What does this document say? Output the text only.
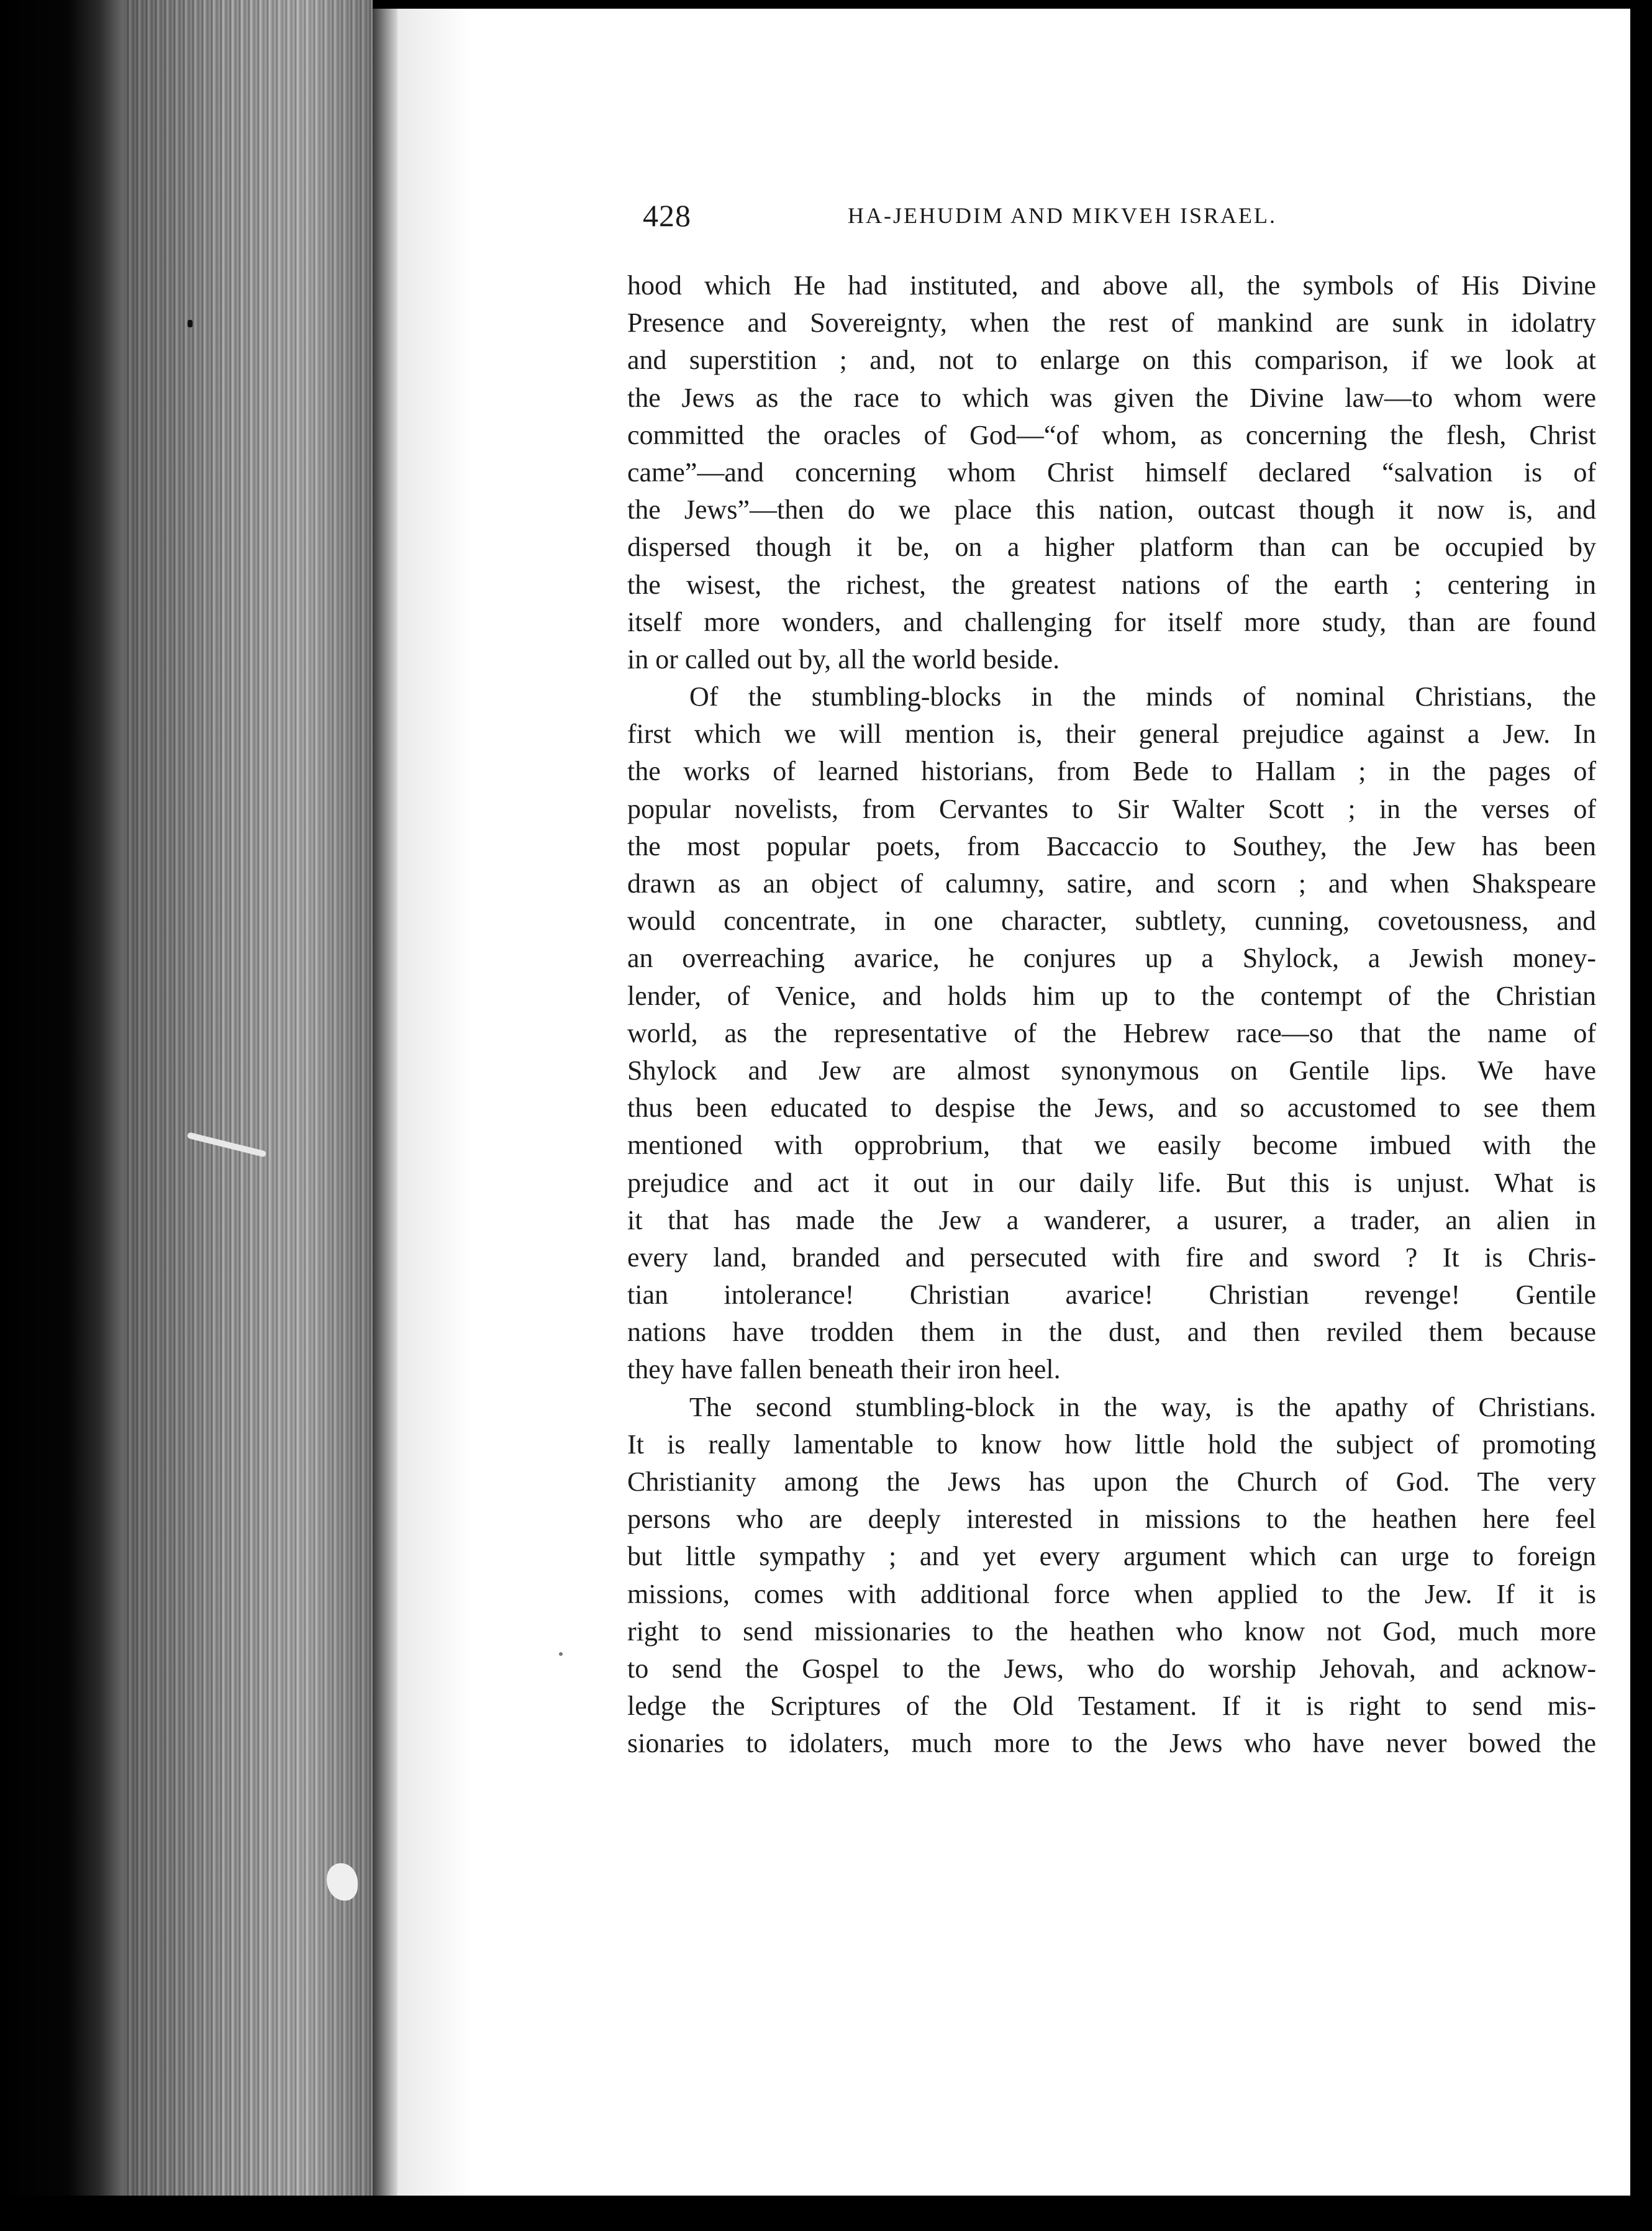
428	HA-JEHUDIM AND MIKVEH ISRAEL.
hood which He had instituted, and above all, the symbols of His Divine
Presence and Sovereignty, when the rest of mankind are sunk in idolatry
and superstition ; and, not to enlarge on this comparison, if we look at
the Jews as the race to which was given the Divine law—to whom were
committed the oracles of God—“of whom, as concerning the flesh, Christ
came”—and concerning whom Christ himself declared “salvation is of
the Jews”—then do we place this nation, outcast though it now is, and
dispersed though it be, on a higher platform than can be occupied by
the wisest, the richest, the greatest nations of the earth ; centering in
itself more wonders, and challenging for itself more study, than are found
in or called out by, all the world beside.
Of the stumbling-blocks in the minds of nominal Christians, the
first which we will mention is, their general prejudice against a Jew. In
the works of learned historians, from Bede to Hallam ; in the pages of
popular novelists, from Cervantes to Sir Walter Scott ; in the verses of
the most popular poets, from Baccaccio to Southey, the Jew has been
drawn as an object of calumny, satire, and scorn ; and when Shakspeare
would concentrate, in one character, subtlety, cunning, covetousness, and
an overreaching avarice, he conjures up a Shylock, a Jewish money-
lender, of Venice, and holds him up to the contempt of the Christian
world, as the representative of the Hebrew race—so that the name of
Shylock and Jew are almost synonymous on Gentile lips. We have
thus been educated to despise the Jews, and so accustomed to see them
mentioned with opprobrium, that we easily become imbued with the
prejudice and act it out in our daily life. But this is unjust. What is
it that has made the Jew a wanderer, a usurer, a trader, an alien in
every land, branded and persecuted with fire and sword ? It is Chris-
tian intolerance! Christian avarice! Christian revenge! Gentile
nations have trodden them in the dust, and then reviled them because
they have fallen beneath their iron heel.
The second stumbling-block in the way, is the apathy of Christians.
It is really lamentable to know how little hold the subject of promoting
Christianity among the Jews has upon the Church of God. The very
persons who are deeply interested in missions to the heathen here feel
but little sympathy ; and yet every argument which can urge to foreign
missions, comes with additional force when applied to the Jew. If it is
right to send missionaries to the heathen who know not God, much more
to send the Gospel to the Jews, who do worship Jehovah, and acknow-
ledge the Scriptures of the Old Testament. If it is right to send mis-
sionaries to idolaters, much more to the Jews who have never bowed the
